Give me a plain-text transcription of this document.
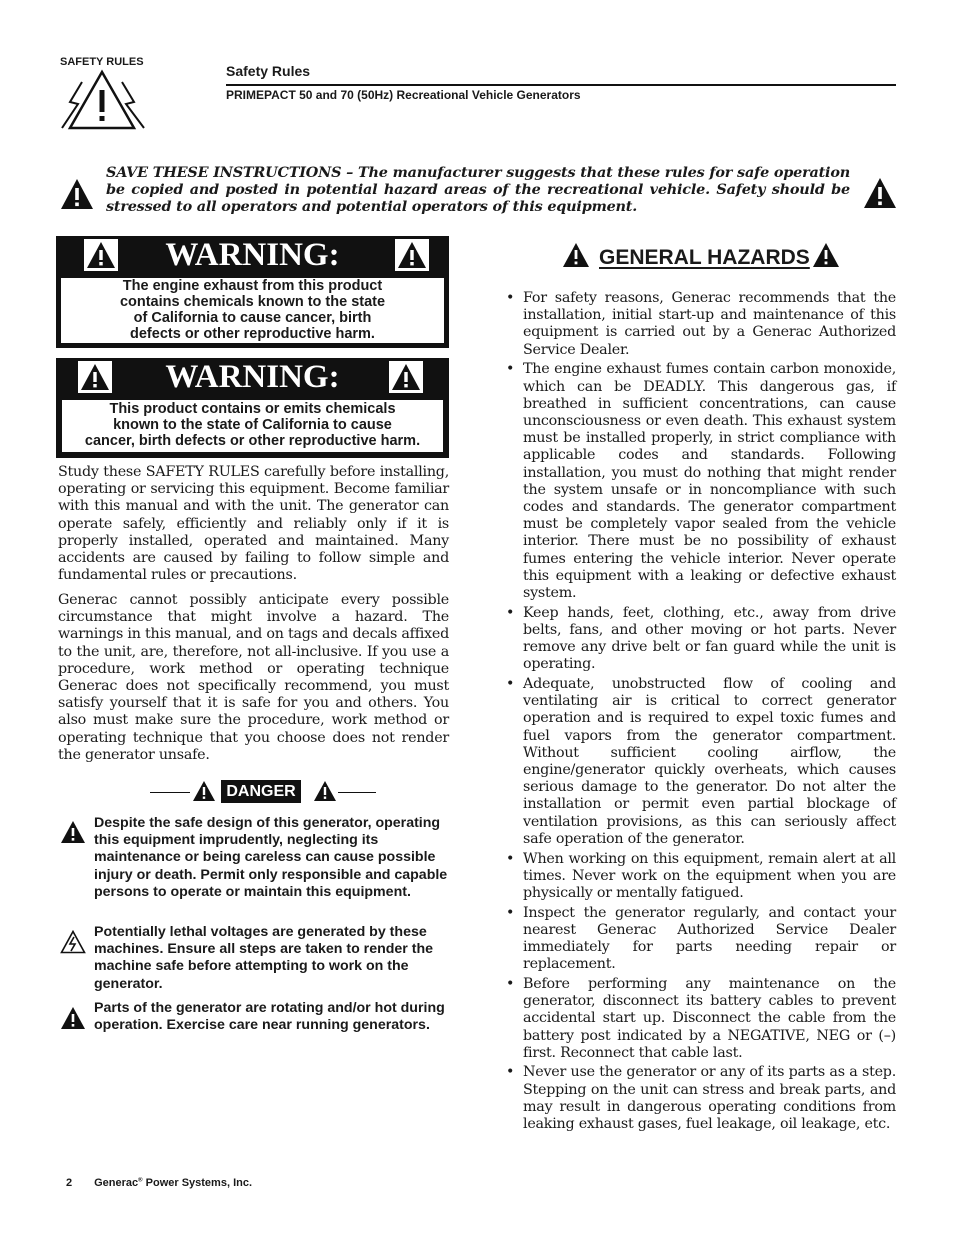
SAFETY RULES
Safety Rules
PRIMEPACT 50 and 70 (50Hz) Recreational Vehicle Generators
SAVE THESE INSTRUCTIONS – The manufacturer suggests that these rules for safe operation be copied and posted in potential hazard areas of the recreational vehicle. Safety should be stressed to all operators and potential operators of this equipment.
WARNING:
The engine exhaust from this product
contains chemicals known to the state
of California to cause cancer, birth
defects or other reproductive harm.
WARNING:
This product contains or emits chemicals
known to the state of California to cause
cancer, birth defects or other reproductive harm.
Study these SAFETY RULES carefully before installing, operating or servicing this equipment. Become familiar with this manual and with the unit. The generator can operate safely, efficiently and reliably only if it is properly installed, operated and maintained. Many accidents are caused by failing to follow simple and fundamental rules or precautions.
Generac cannot possibly anticipate every possible circumstance that might involve a hazard. The warnings in this manual, and on tags and decals affixed to the unit, are, therefore, not all-inclusive. If you use a procedure, work method or operating technique Generac does not specifically recommend, you must satisfy yourself that it is safe for you and others. You also must make sure the procedure, work method or operating technique that you choose does not render the generator unsafe.
DANGER
Despite the safe design of this generator, operating this equipment imprudently, neglecting its maintenance or being careless can cause possible injury or death. Permit only responsible and capable persons to operate or maintain this equipment.
Potentially lethal voltages are generated by these machines. Ensure all steps are taken to render the machine safe before attempting to work on the generator.
Parts of the generator are rotating and/or hot during operation. Exercise care near running generators.
GENERAL HAZARDS
• For safety reasons, Generac recommends that the installation, initial start-up and maintenance of this equipment is carried out by a Generac Authorized Service Dealer.
• The engine exhaust fumes contain carbon monoxide, which can be DEADLY. This dangerous gas, if breathed in sufficient concentrations, can cause unconsciousness or even death. This exhaust system must be installed properly, in strict compliance with applicable codes and standards. Following installation, you must do nothing that might render the system unsafe or in noncompliance with such codes and standards. The generator compartment must be completely vapor sealed from the vehicle interior. There must be no possibility of exhaust fumes entering the vehicle interior. Never operate this equipment with a leaking or defective exhaust system.
• Keep hands, feet, clothing, etc., away from drive belts, fans, and other moving or hot parts. Never remove any drive belt or fan guard while the unit is operating.
• Adequate, unobstructed flow of cooling and ventilating air is critical to correct generator operation and is required to expel toxic fumes and fuel vapors from the generator compartment. Without sufficient cooling airflow, the engine/generator quickly overheats, which causes serious damage to the generator. Do not alter the installation or permit even partial blockage of ventilation provisions, as this can seriously affect safe operation of the generator.
• When working on this equipment, remain alert at all times. Never work on the equipment when you are physically or mentally fatigued.
• Inspect the generator regularly, and contact your nearest Generac Authorized Service Dealer immediately for parts needing repair or replacement.
• Before performing any maintenance on the generator, disconnect its battery cables to prevent accidental start up. Disconnect the cable from the battery post indicated by a NEGATIVE, NEG or (–) first. Reconnect that cable last.
• Never use the generator or any of its parts as a step. Stepping on the unit can stress and break parts, and may result in dangerous operating conditions from leaking exhaust gases, fuel leakage, oil leakage, etc.
2 Generac® Power Systems, Inc.
